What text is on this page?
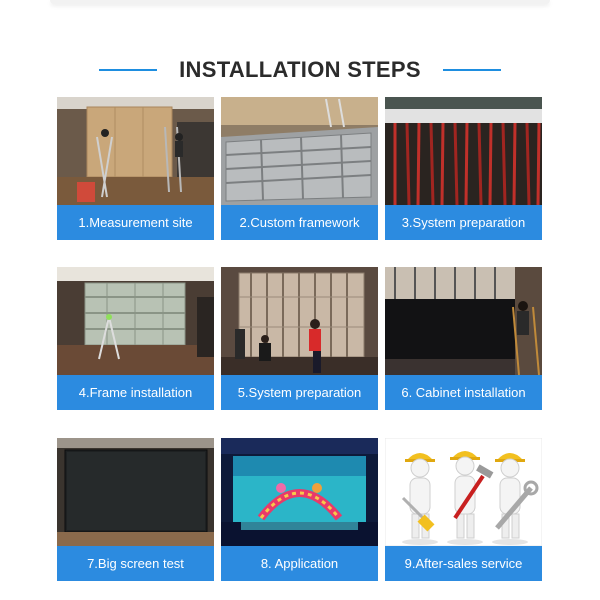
INSTALLATION STEPS
1.Measurement site	2.Custom framework	3.System preparation
4.Frame installation	5.System preparation	6. Cabinet installation
7.Big screen test	8. Application	9.After-sales service
